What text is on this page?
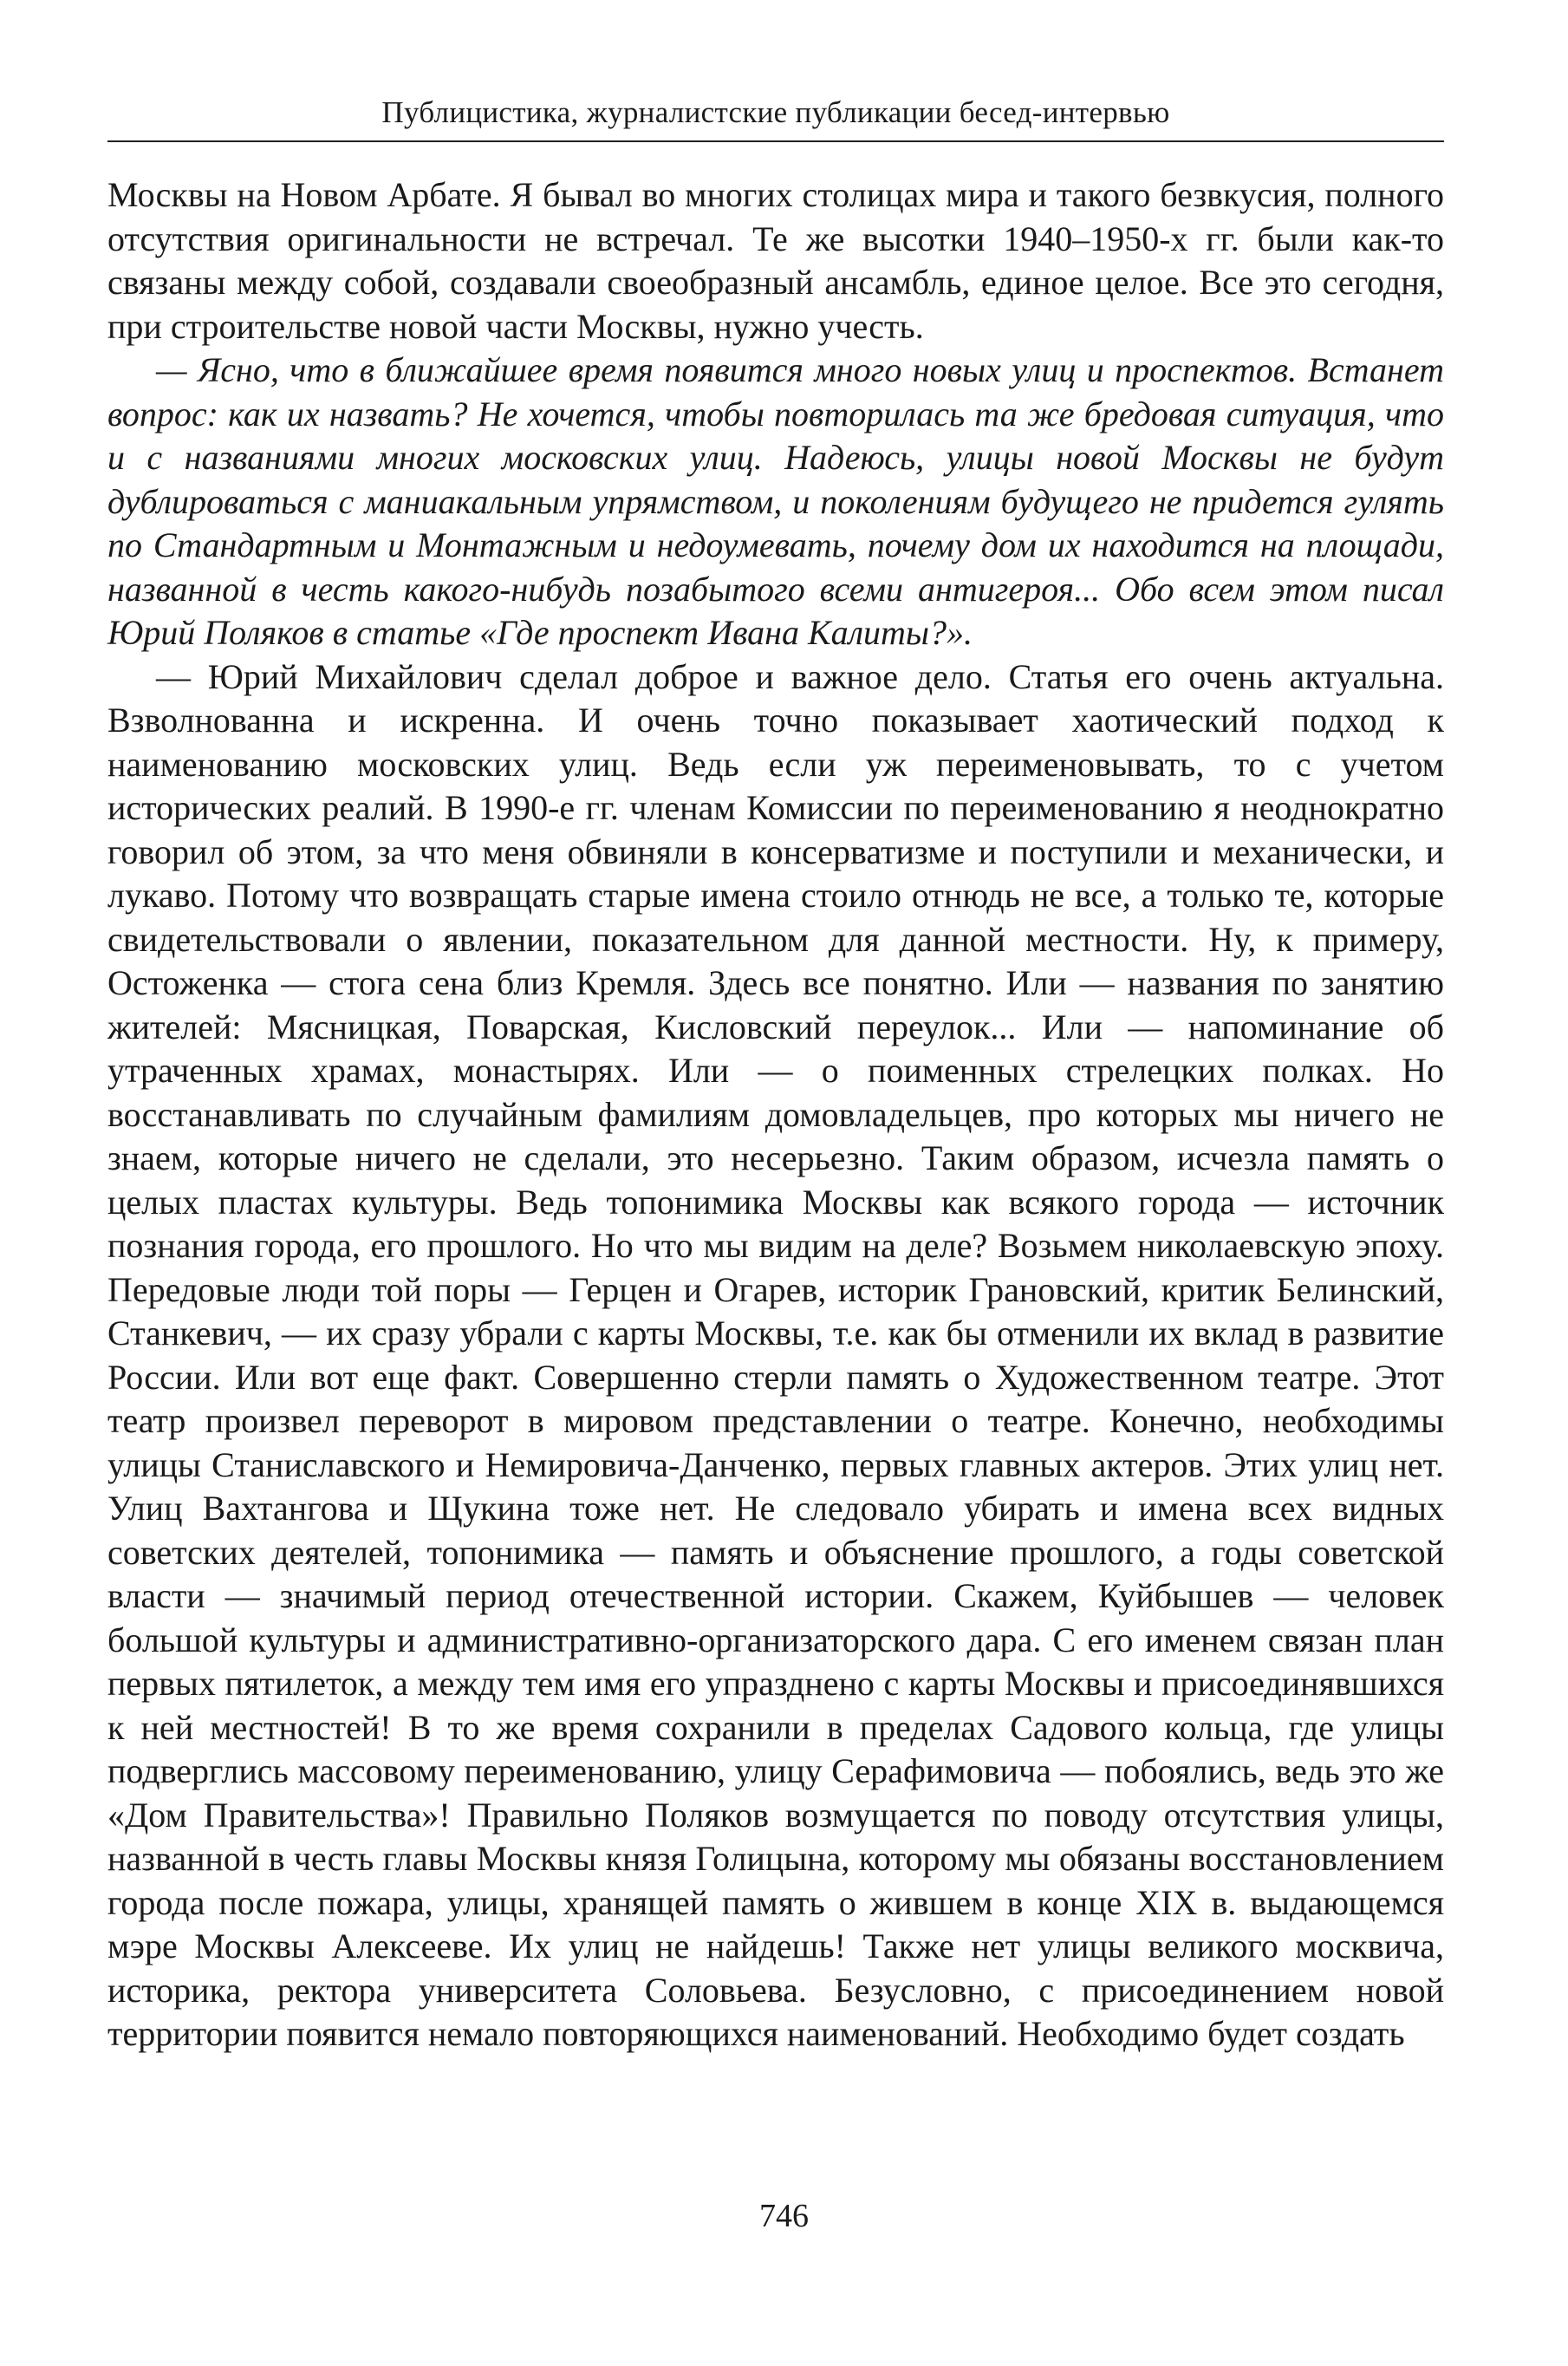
Публицистика, журналистские публикации бесед-интервью

Москвы на Новом Арбате. Я бывал во многих столицах мира и такого безвкусия, полного отсутствия оригинальности не встречал. Те же высотки 1940–1950-х гг. были как-то связаны между собой, создавали своеобразный ансамбль, единое целое. Все это сегодня, при строительстве новой части Москвы, нужно учесть.

— Ясно, что в ближайшее время появится много новых улиц и проспектов. Встанет вопрос: как их назвать? Не хочется, чтобы повторилась та же бредовая ситуация, что и с названиями многих московских улиц. Надеюсь, улицы новой Москвы не будут дублироваться с маниакальным упрямством, и поколениям будущего не придется гулять по Стандартным и Монтажным и недоумевать, почему дом их находится на площади, названной в честь какого-нибудь позабытого всеми антигероя... Обо всем этом писал Юрий Поляков в статье «Где проспект Ивана Калиты?».

— Юрий Михайлович сделал доброе и важное дело. Статья его очень актуальна. Взволнованна и искренна. И очень точно показывает хаотический подход к наименованию московских улиц. Ведь если уж переименовывать, то с учетом исторических реалий. В 1990-е гг. членам Комиссии по переименованию я неоднократно говорил об этом, за что меня обвиняли в консерватизме и поступили и механически, и лукаво. Потому что возвращать старые имена стоило отнюдь не все, а только те, которые свидетельствовали о явлении, показательном для данной местности. Ну, к примеру, Остоженка — стога сена близ Кремля. Здесь все понятно. Или — названия по занятию жителей: Мясницкая, Поварская, Кисловский переулок... Или — напоминание об утраченных храмах, монастырях. Или — о поименных стрелецких полках. Но восстанавливать по случайным фамилиям домовладельцев, про которых мы ничего не знаем, которые ничего не сделали, это несерьезно. Таким образом, исчезла память о целых пластах культуры. Ведь топонимика Москвы как всякого города — источник познания города, его прошлого. Но что мы видим на деле? Возьмем николаевскую эпоху. Передовые люди той поры — Герцен и Огарев, историк Грановский, критик Белинский, Станкевич, — их сразу убрали с карты Москвы, т.е. как бы отменили их вклад в развитие России. Или вот еще факт. Совершенно стерли память о Художественном театре. Этот театр произвел переворот в мировом представлении о театре. Конечно, необходимы улицы Станиславского и Немировича-Данченко, первых главных актеров. Этих улиц нет. Улиц Вахтангова и Щукина тоже нет. Не следовало убирать и имена всех видных советских деятелей, топонимика — память и объяснение прошлого, а годы советской власти — значимый период отечественной истории. Скажем, Куйбышев — человек большой культуры и административно-организаторского дара. С его именем связан план первых пятилеток, а между тем имя его упразднено с карты Москвы и присоединявшихся к ней местностей! В то же время сохранили в пределах Садового кольца, где улицы подверглись массовому переименованию, улицу Серафимовича — побоялись, ведь это же «Дом Правительства»! Правильно Поляков возмущается по поводу отсутствия улицы, названной в честь главы Москвы князя Голицына, которому мы обязаны восстановлением города после пожара, улицы, хранящей память о жившем в конце XIX в. выдающемся мэре Москвы Алексееве. Их улиц не найдешь! Также нет улицы великого москвича, историка, ректора университета Соловьева. Безусловно, с присоединением новой территории появится немало повторяющихся наименований. Необходимо будет создать

746
